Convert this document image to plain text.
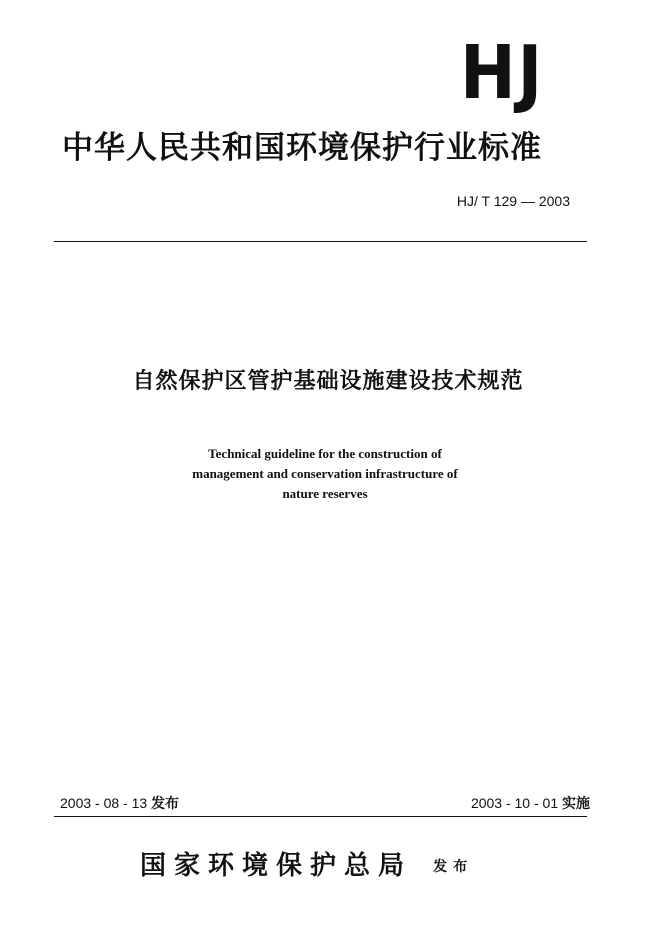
HJ
中华人民共和国环境保护行业标准
HJ/ T 129 — 2003
自然保护区管护基础设施建设技术规范
Technical guideline for the construction of
management and conservation infrastructure of
nature reserves
2003 - 08 - 13 发布	2003 - 10 - 01 实施
国家环境保护总局 发布
